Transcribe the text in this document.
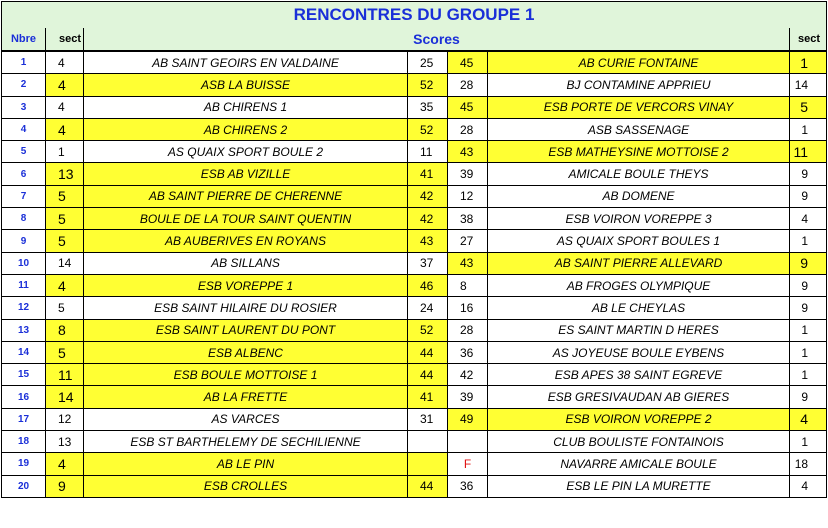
RENCONTRES DU GROUPE 1						
Nbre	sect	Scores				sect
1	4	AB SAINT GEOIRS EN VALDAINE	25	45	AB CURIE FONTAINE	1
2	4	ASB LA BUISSE	52	28	BJ CONTAMINE APPRIEU	14
3	4	AB CHIRENS 1	35	45	ESB PORTE DE VERCORS VINAY	5
4	4	AB CHIRENS 2	52	28	ASB SASSENAGE	1
5	1	AS QUAIX SPORT BOULE 2	11	43	ESB MATHEYSINE MOTTOISE 2	11
6	13	ESB AB VIZILLE	41	39	AMICALE BOULE THEYS	9
7	5	AB SAINT PIERRE DE CHERENNE	42	12	AB DOMENE	9
8	5	BOULE DE LA TOUR SAINT QUENTIN	42	38	ESB VOIRON VOREPPE 3	4
9	5	AB AUBERIVES EN ROYANS	43	27	AS QUAIX SPORT BOULES 1	1
10	14	AB SILLANS	37	43	AB SAINT PIERRE ALLEVARD	9
11	4	ESB VOREPPE 1	46	8	AB FROGES OLYMPIQUE	9
12	5	ESB SAINT HILAIRE DU ROSIER	24	16	AB LE CHEYLAS	9
13	8	ESB SAINT LAURENT DU PONT	52	28	ES SAINT MARTIN D HERES	1
14	5	ESB ALBENC	44	36	AS JOYEUSE BOULE EYBENS	1
15	11	ESB BOULE MOTTOISE 1	44	42	ESB APES 38 SAINT EGREVE	1
16	14	AB LA FRETTE	41	39	ESB GRESIVAUDAN AB GIERES	9
17	12	AS VARCES	31	49	ESB VOIRON VOREPPE 2	4
18	13	ESB ST BARTHELEMY DE SECHILIENNE			CLUB BOULISTE FONTAINOIS	1
19	4	AB LE PIN		F	NAVARRE AMICALE BOULE	18
20	9	ESB CROLLES	44	36	ESB LE PIN LA MURETTE	4
